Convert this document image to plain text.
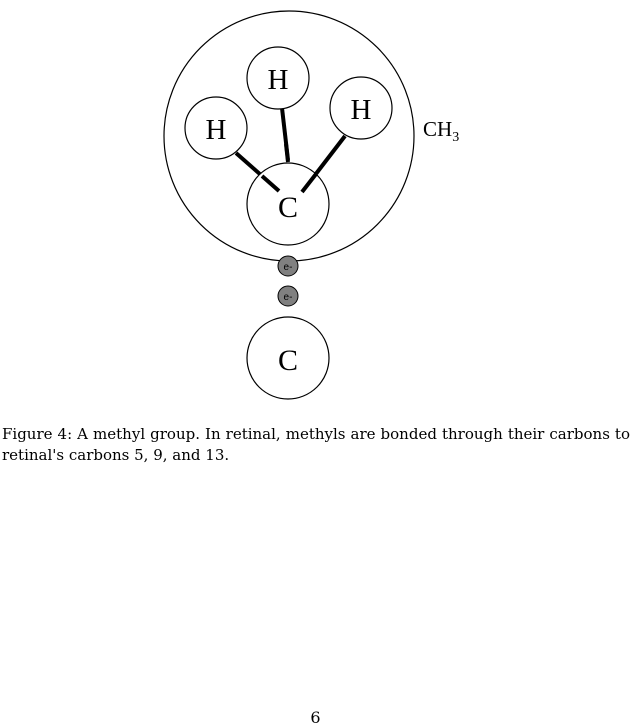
H
H
H
C
$CH_3$
e-
e-
C
Figure 4: A methyl group. In retinal, methyls are bonded through their carbons to retinal's carbons 5, 9, and 13.
6
